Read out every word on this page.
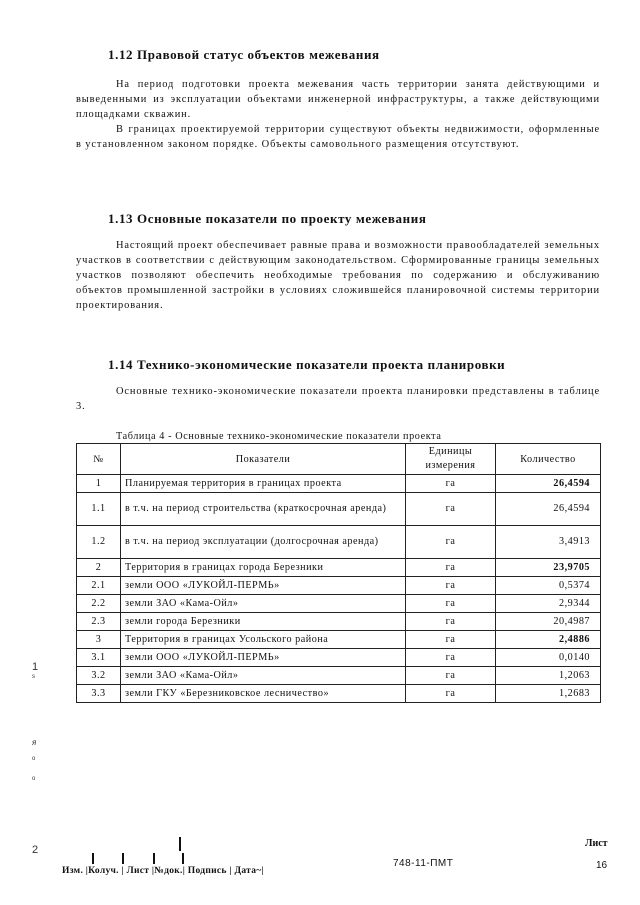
1.12 Правовой статус объектов межевания

На период подготовки проекта межевания часть территории занята действующими и выведенными из эксплуатации объектами инженерной инфраструктуры, а также действующими площадками скважин.

В границах проектируемой территории существуют объекты недвижимости, оформленные в установленном законом порядке. Объекты самовольного размещения отсутствуют.

1.13 Основные показатели по проекту межевания

Настоящий проект обеспечивает равные права и возможности правообладателей земельных участков в соответствии с действующим законодательством. Сформированные границы земельных участков позволяют обеспечить необходимые требования по содержанию и обслуживанию объектов промышленной застройки в условиях сложившейся планировочной системы территории проектирования.

1.14 Технико-экономические показатели проекта планировки

Основные технико-экономические показатели проекта планировки представлены в таблице 3.

Таблица 4 - Основные технико-экономические показатели проекта

№	Показатели	Единицы измерения	Количество
1	Планируемая территория в границах проекта	га	26,4594
1.1	в т.ч. на период строительства (краткосрочная аренда)	га	26,4594
1.2	в т.ч. на период эксплуатации (долгосрочная аренда)	га	3,4913
2	Территория в границах города Березники	га	23,9705
2.1	земли ООО «ЛУКОЙЛ-ПЕРМЬ»	га	0,5374
2.2	земли ЗАО «Кама-Ойл»	га	2,9344
2.3	земли города Березники	га	20,4987
3	Территория в границах Усольского района	га	2,4886
3.1	земли ООО «ЛУКОЙЛ-ПЕРМЬ»	га	0,0140
3.2	земли ЗАО «Кама-Ойл»	га	1,2063
3.3	земли ГКУ «Березниковское лесничество»	га	1,2683
1
s
я
о
о
2

Изм. |Колуч. | Лист |№док.| Подпись | Дата~|

748-11-ПМТ

Лист

16
